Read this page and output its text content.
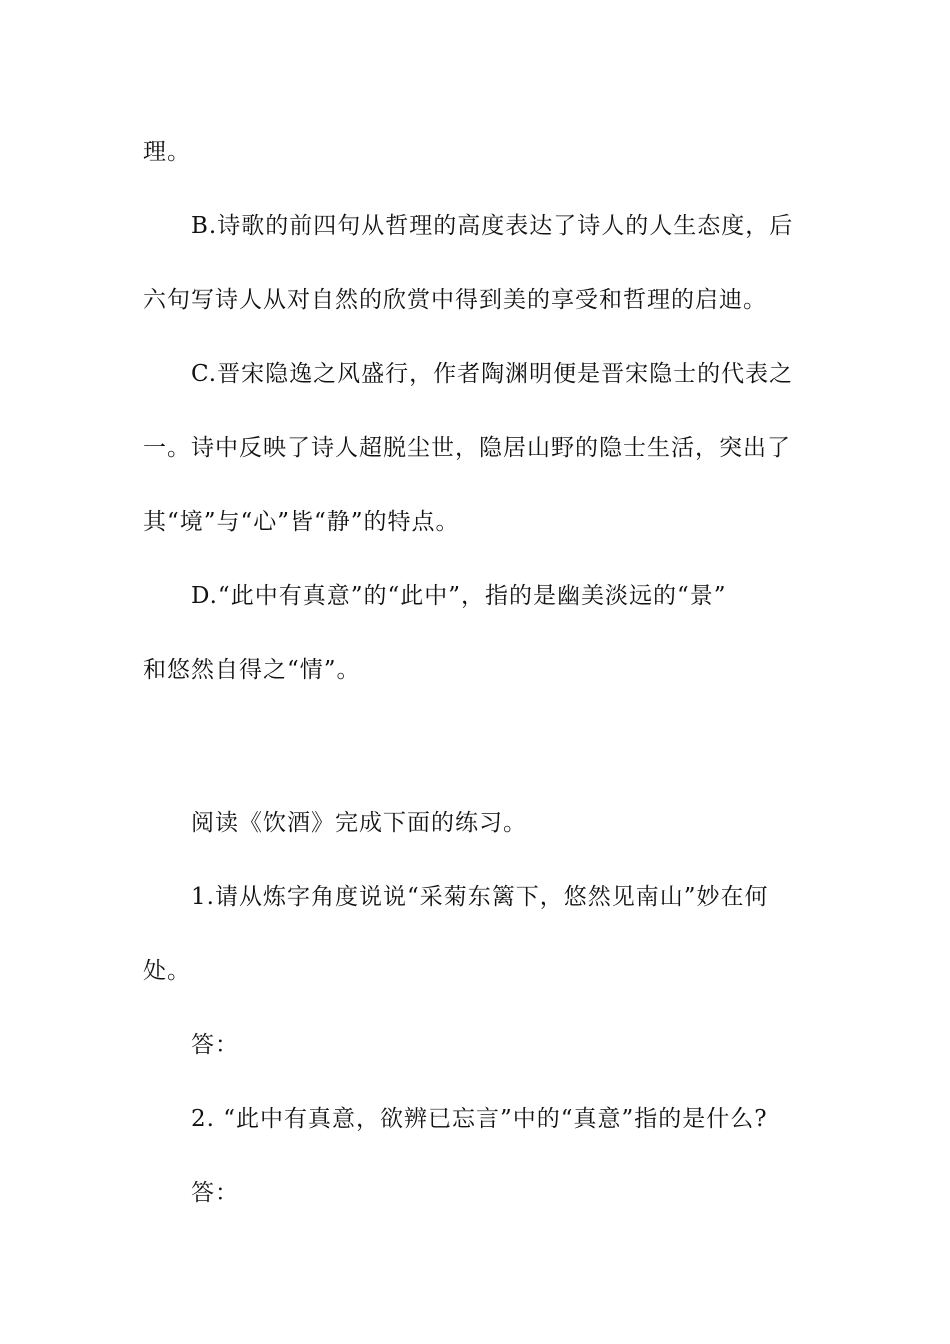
理。
B.诗歌的前四句从哲理的高度表达了诗人的人生态度，后
六句写诗人从对自然的欣赏中得到美的享受和哲理的启迪。
C.晋宋隐逸之风盛行，作者陶渊明便是晋宋隐士的代表之
一。诗中反映了诗人超脱尘世，隐居山野的隐士生活，突出了
其“境”与“心”皆“静”的特点。
D.“此中有真意”的“此中”，指的是幽美淡远的“景”
和悠然自得之“情”。
阅读《饮酒》完成下面的练习。
1.请从炼字角度说说“采菊东篱下，悠然见南山”妙在何
处。
答：
2. “此中有真意，欲辨已忘言”中的“真意”指的是什么?
答：
